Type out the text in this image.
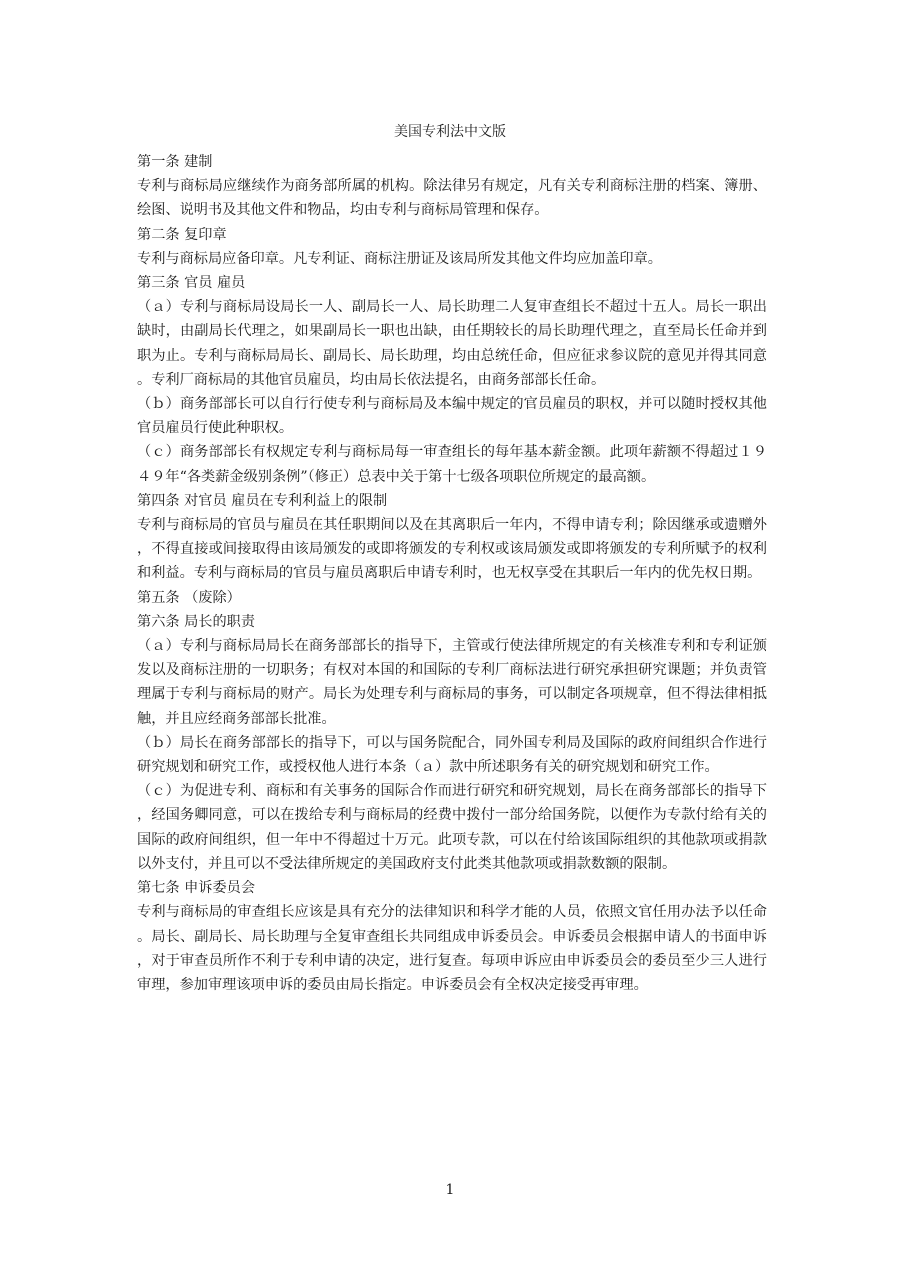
美国专利法中文版

第一条 建制

专利与商标局应继续作为商务部所属的机构。除法律另有规定，凡有关专利商标注册的档案、簿册、绘图、说明书及其他文件和物品，均由专利与商标局管理和保存。

第二条 复印章

专利与商标局应备印章。凡专利证、商标注册证及该局所发其他文件均应加盖印章。

第三条 官员 雇员

（ａ）专利与商标局设局长一人、副局长一人、局长助理二人复审查组长不超过十五人。局长一职出缺时，由副局长代理之，如果副局长一职也出缺，由任期较长的局长助理代理之，直至局长任命并到职为止。专利与商标局局长、副局长、局长助理，均由总统任命，但应征求参议院的意见并得其同意。专利厂商标局的其他官员雇员，均由局长依法提名，由商务部部长任命。

（ｂ）商务部部长可以自行行使专利与商标局及本编中规定的官员雇员的职权，并可以随时授权其他官员雇员行使此种职权。

（ｃ）商务部部长有权规定专利与商标局每一审查组长的每年基本薪金额。此项年薪额不得超过１９４９年“各类薪金级别条例”（修正）总表中关于第十七级各项职位所规定的最高额。

第四条 对官员 雇员在专利利益上的限制

专利与商标局的官员与雇员在其任职期间以及在其离职后一年内，不得申请专利；除因继承或遗赠外，不得直接或间接取得由该局颁发的或即将颁发的专利权或该局颁发或即将颁发的专利所赋予的权利和利益。专利与商标局的官员与雇员离职后申请专利时，也无权享受在其职后一年内的优先权日期。

第五条 （废除）

第六条 局长的职责

（ａ）专利与商标局局长在商务部部长的指导下，主管或行使法律所规定的有关核准专利和专利证颁发以及商标注册的一切职务；有权对本国的和国际的专利厂商标法进行研究承担研究课题；并负责管理属于专利与商标局的财产。局长为处理专利与商标局的事务，可以制定各项规章，但不得法律相抵触，并且应经商务部部长批准。

（ｂ）局长在商务部部长的指导下，可以与国务院配合，同外国专利局及国际的政府间组织合作进行研究规划和研究工作，或授权他人进行本条（ａ）款中所述职务有关的研究规划和研究工作。

（ｃ）为促进专利、商标和有关事务的国际合作而进行研究和研究规划，局长在商务部部长的指导下，经国务卿同意，可以在拨给专利与商标局的经费中拨付一部分给国务院，以便作为专款付给有关的国际的政府间组织，但一年中不得超过十万元。此项专款，可以在付给该国际组织的其他款项或捐款以外支付，并且可以不受法律所规定的美国政府支付此类其他款项或捐款数额的限制。

第七条 申诉委员会

专利与商标局的审查组长应该是具有充分的法律知识和科学才能的人员，依照文官任用办法予以任命。局长、副局长、局长助理与全复审查组长共同组成申诉委员会。申诉委员会根据申请人的书面申诉，对于审查员所作不利于专利申请的决定，进行复查。每项申诉应由申诉委员会的委员至少三人进行审理，参加审理该项申诉的委员由局长指定。申诉委员会有全权决定接受再审理。

1
